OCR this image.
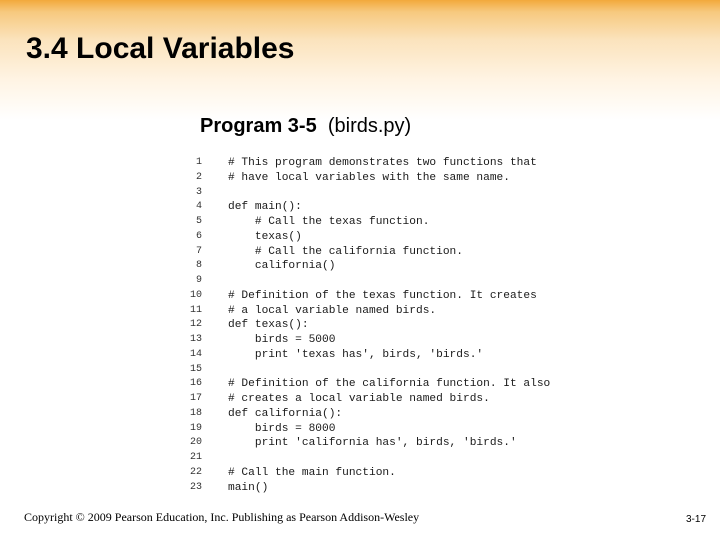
3.4 Local Variables
Program 3-5 (birds.py)
1 # This program demonstrates two functions that
2 # have local variables with the same name.
3
4 def main():
5 # Call the texas function.
6 texas()
7 # Call the california function.
8 california()
9
10 # Definition of the texas function. It creates
11 # a local variable named birds.
12 def texas():
13 birds = 5000
14 print 'texas has', birds, 'birds.'
15
16 # Definition of the california function. It also
17 # creates a local variable named birds.
18 def california():
19 birds = 8000
20 print 'california has', birds, 'birds.'
21
22 # Call the main function.
23 main()
Copyright © 2009 Pearson Education, Inc. Publishing as Pearson Addison-Wesley	3-17
